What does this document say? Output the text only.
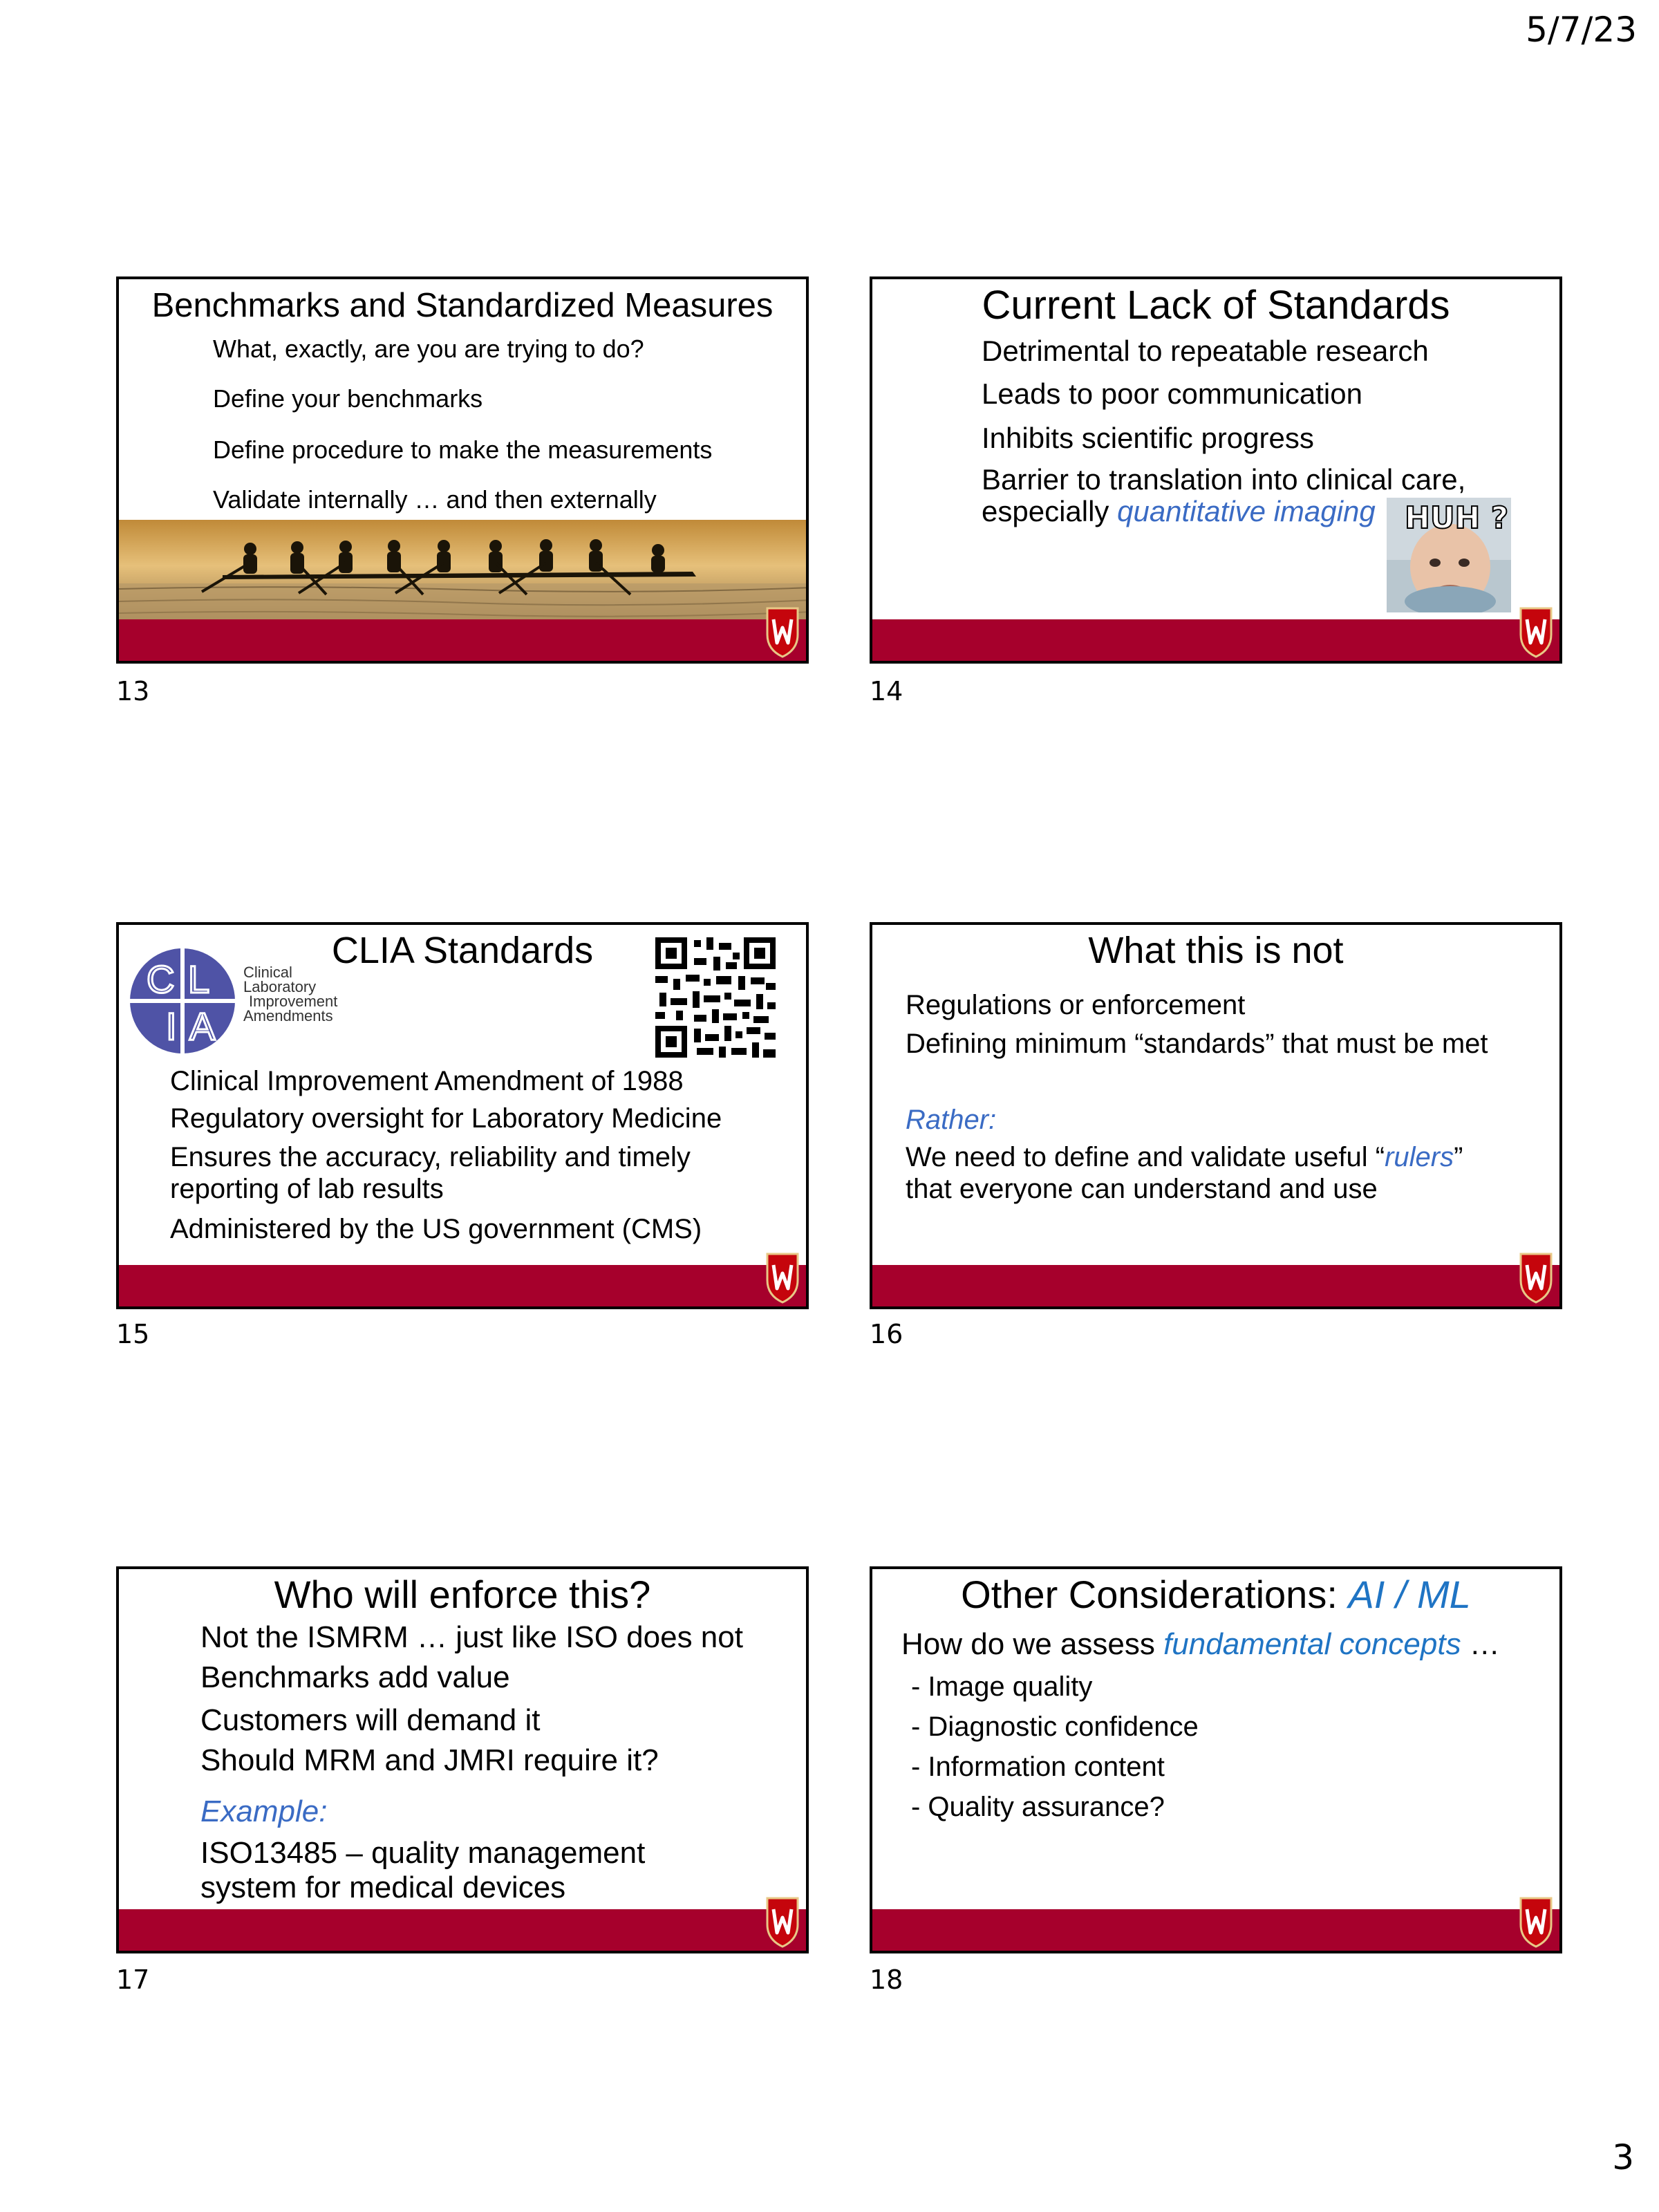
5/7/23
Benchmarks and Standardized Measures
What, exactly, are you are trying to do?
Define your benchmarks
Define procedure to make the measurements
Validate internally … and then externally
13
Current Lack of Standards
Detrimental to repeatable research
Leads to poor communication
Inhibits scientific progress
Barrier to translation into clinical care,
especially quantitative imaging HUH ?
14
CLIA Standards
C L
I A
Clinical
Laboratory
Improvement
Amendments
Clinical Improvement Amendment of 1988
Regulatory oversight for Laboratory Medicine
Ensures the accuracy, reliability and timely
reporting of lab results
Administered by the US government (CMS)
15
What this is not
Regulations or enforcement
Defining minimum “standards” that must be met
Rather:
We need to define and validate useful “rulers”
that everyone can understand and use
16
Who will enforce this?
Not the ISMRM … just like ISO does not
Benchmarks add value
Customers will demand it
Should MRM and JMRI require it?
Example:
ISO13485 – quality management
system for medical devices
17
Other Considerations: AI / ML
How do we assess fundamental concepts …
- Image quality
- Diagnostic confidence
- Information content
- Quality assurance?
18
3
